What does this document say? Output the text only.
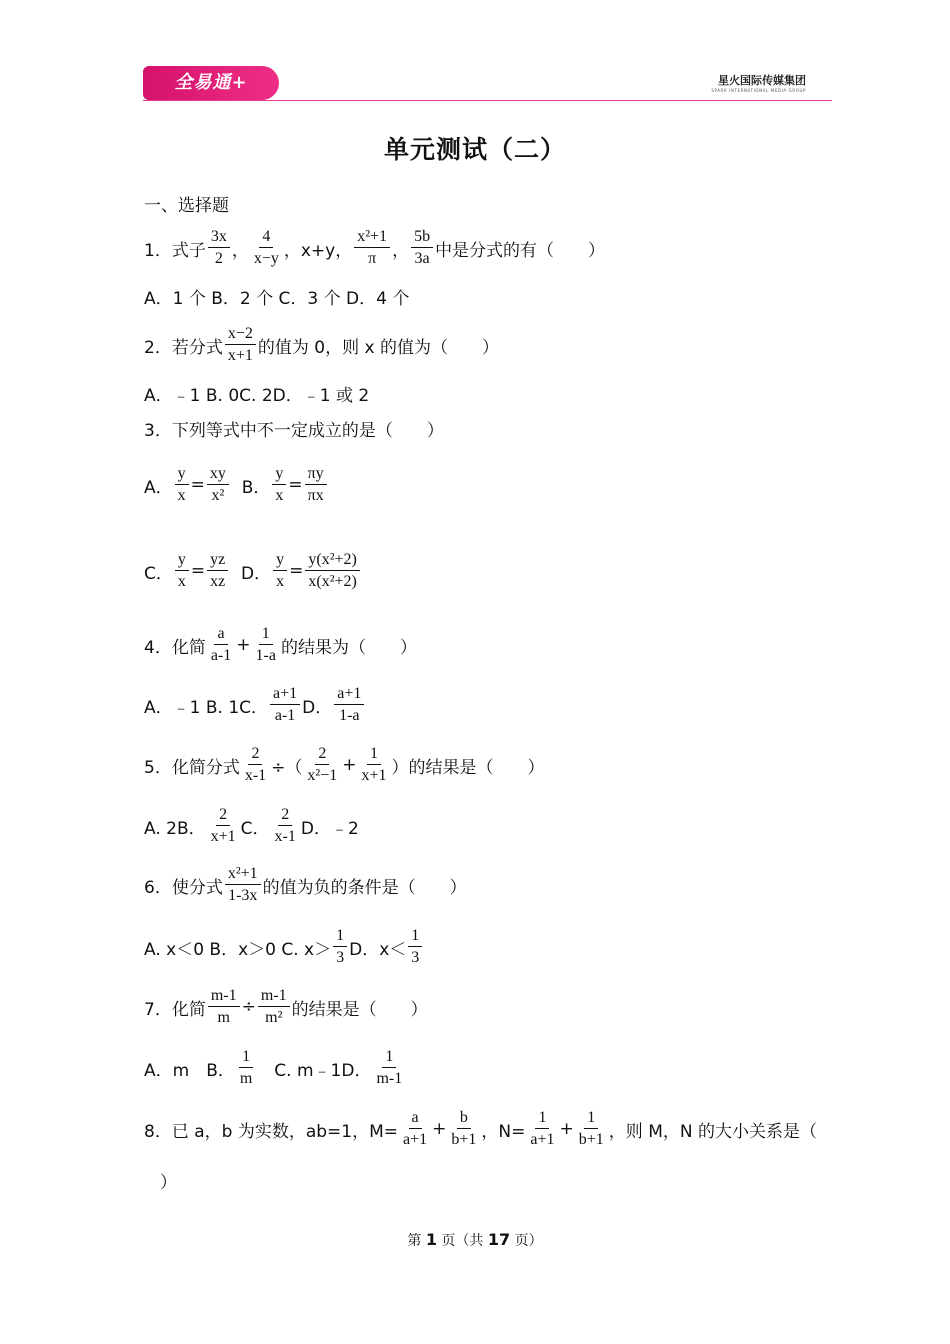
全易通+	星火国际传媒集团
SPARK INTERNATIONAL MEDIA GROUP
单元测试（二）
一、选择题
1．式子 $\frac{3x}{2}$ ， $\frac{4}{x-y}$ ，x+y， $\frac{\text{x²+1}}{\pi}$ ， $\frac{5b}{3a}$ 中是分式的有（　　）
A．1 个 B．2 个 C．3 个 D．4 个
2．若分式 $\frac{x-2}{x+1}$ 的值为 0，则 x 的值为（　　）
A．﹣1 B. 0C. 2D．﹣1 或 2
3．下列等式中不一定成立的是（　　）
A． $\frac{y}{x} = \frac{xy}{\text{x²}}$
B． $\frac{y}{x} = \frac{\pi y}{\pi x}$
C． $\frac{y}{x} = \frac{yz}{xz}$
D． $\frac{y}{x} = \frac{\text{y(x²+2)}}{\text{x(x²+2)}}$
4．化简 $\frac{a}{a-1} + \frac{1}{1-a}$ 的结果为（　　）
A．﹣1 B. 1C． $\frac{a+1}{a-1}$ D． $\frac{a+1}{1-a}$
5．化简分式 $\frac{2}{x-1}$ ÷（ $\frac{2}{\text{x²−1}} + \frac{1}{x+1}$ ）的结果是（　　）
A. 2B． $\frac{2}{x+1}$ C． $\frac{2}{x-1}$ D．﹣2
6．使分式 $\frac{\text{x²+1}}{1-3x}$ 的值为负的条件是（　　）
A. x＜0 B．x＞0 C. $x> \frac{1}{3}$ D．$x< \frac{1}{3}$
7．化简 $\frac{m-1}{m} \div \frac{m-1}{\text{m²}}$ 的结果是（　　）
A．m　B． $\frac{1}{m}$ 　C. m﹣1D． $\frac{1}{m-1}$
8．已 a，b 为实数，ab=1，$M= \frac{a}{a+1} + \frac{b}{b+1}$ ，$N= \frac{1}{a+1} + \frac{1}{b+1}$ ，则 M，N 的大小关系是（
）
第 1 页（共 17 页）
